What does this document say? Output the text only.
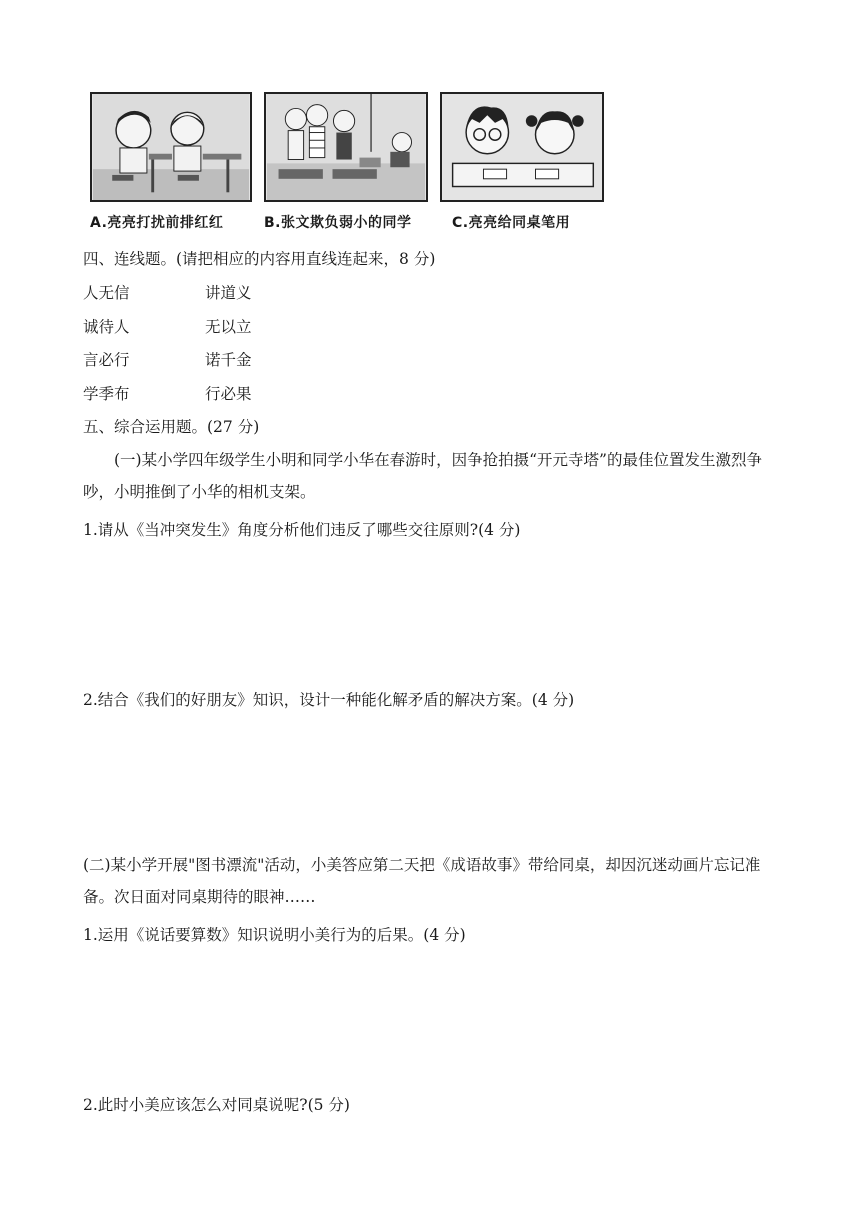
A.亮亮打扰前排红红	B.张文欺负弱小的同学	C.亮亮给同桌笔用
四、连线题。(请把相应的内容用直线连起来，8 分)
人无信	讲道义
诚待人	无以立
言必行	诺千金
学季布	行必果
五、综合运用题。(27 分)
(一)某小学四年级学生小明和同学小华在春游时，因争抢拍摄“开元寺塔”的最佳位置发生激烈争吵，小明推倒了小华的相机支架。
1.请从《当冲突发生》角度分析他们违反了哪些交往原则?(4 分)
2.结合《我们的好朋友》知识，设计一种能化解矛盾的解决方案。(4 分)
(二)某小学开展"图书漂流"活动，小美答应第二天把《成语故事》带给同桌，却因沉迷动画片忘记准备。次日面对同桌期待的眼神……
1.运用《说话要算数》知识说明小美行为的后果。(4 分)
2.此时小美应该怎么对同桌说呢?(5 分)
